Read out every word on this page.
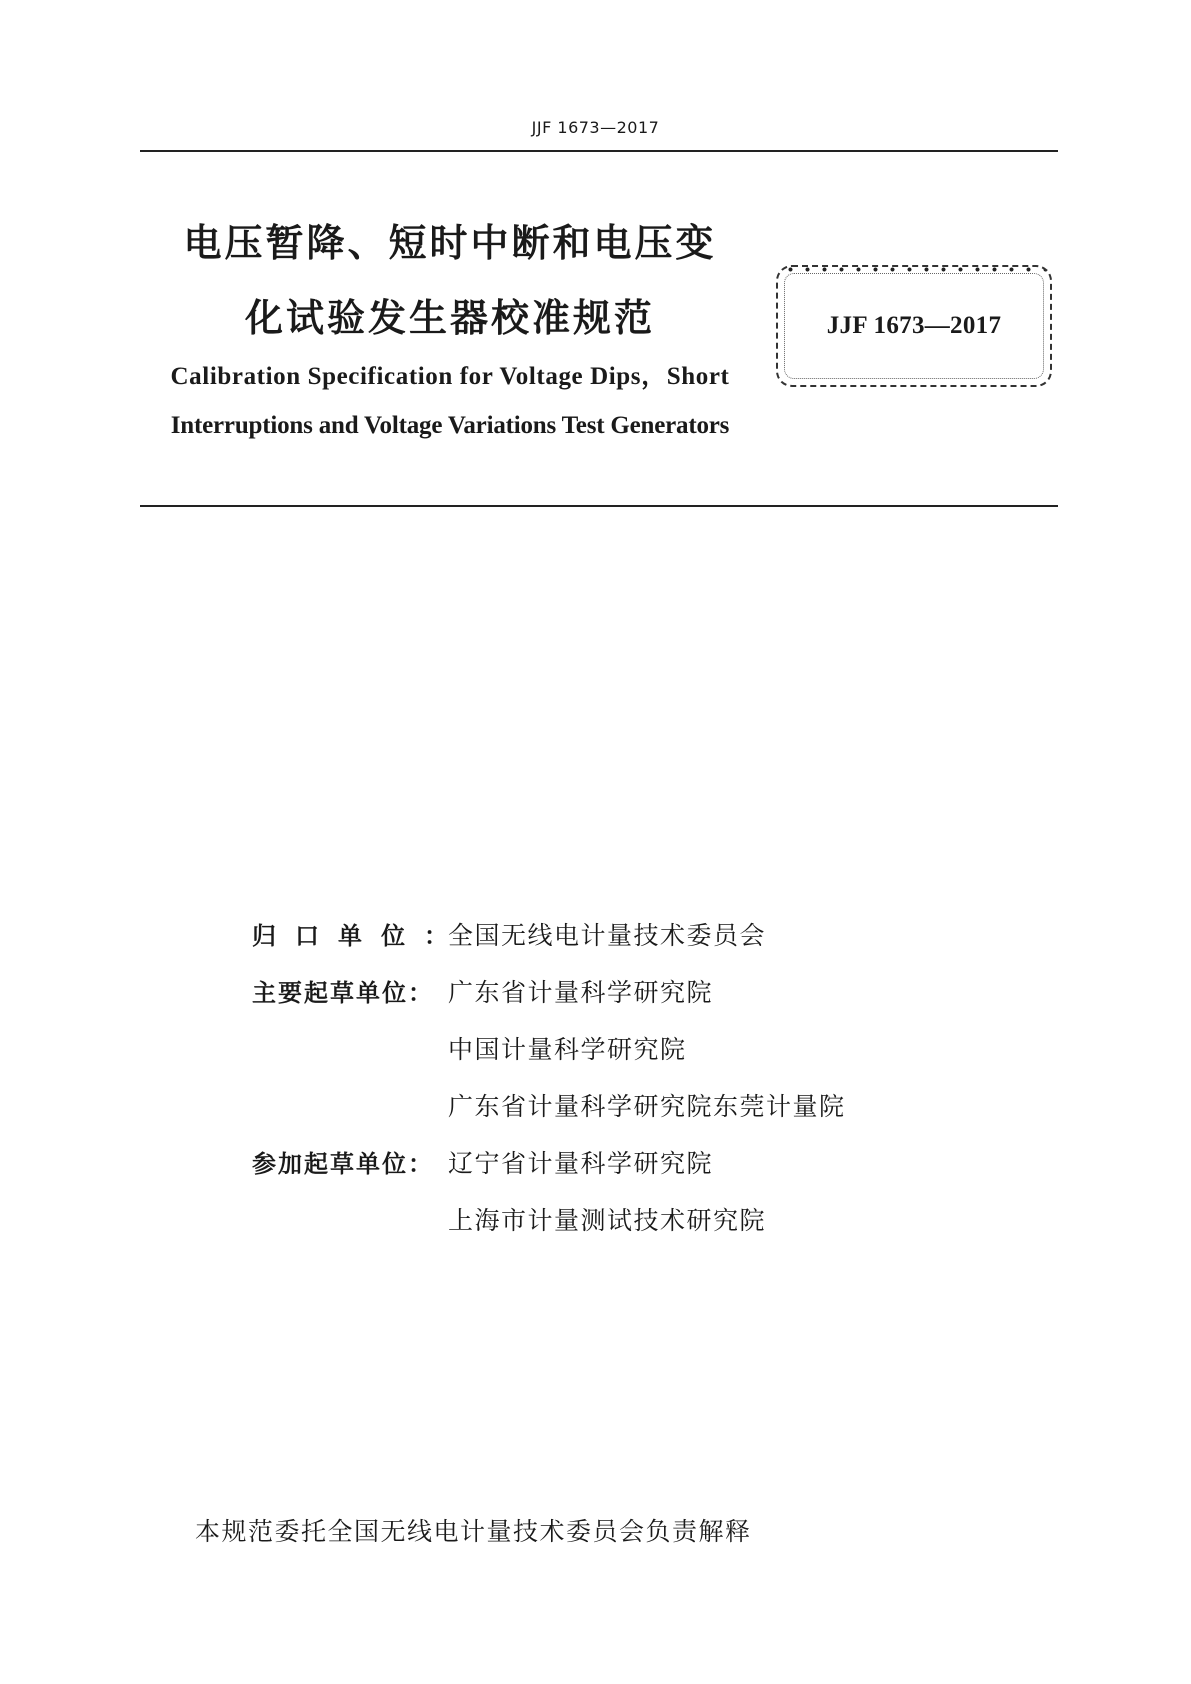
JJF 1673—2017
电压暂降、短时中断和电压变
化试验发生器校准规范
Calibration Specification for Voltage Dips，Short
Interruptions and Voltage Variations Test Generators
JJF 1673—2017
归口单位： 全国无线电计量技术委员会
主要起草单位： 广东省计量科学研究院
中国计量科学研究院
广东省计量科学研究院东莞计量院
参加起草单位： 辽宁省计量科学研究院
上海市计量测试技术研究院
本规范委托全国无线电计量技术委员会负责解释
